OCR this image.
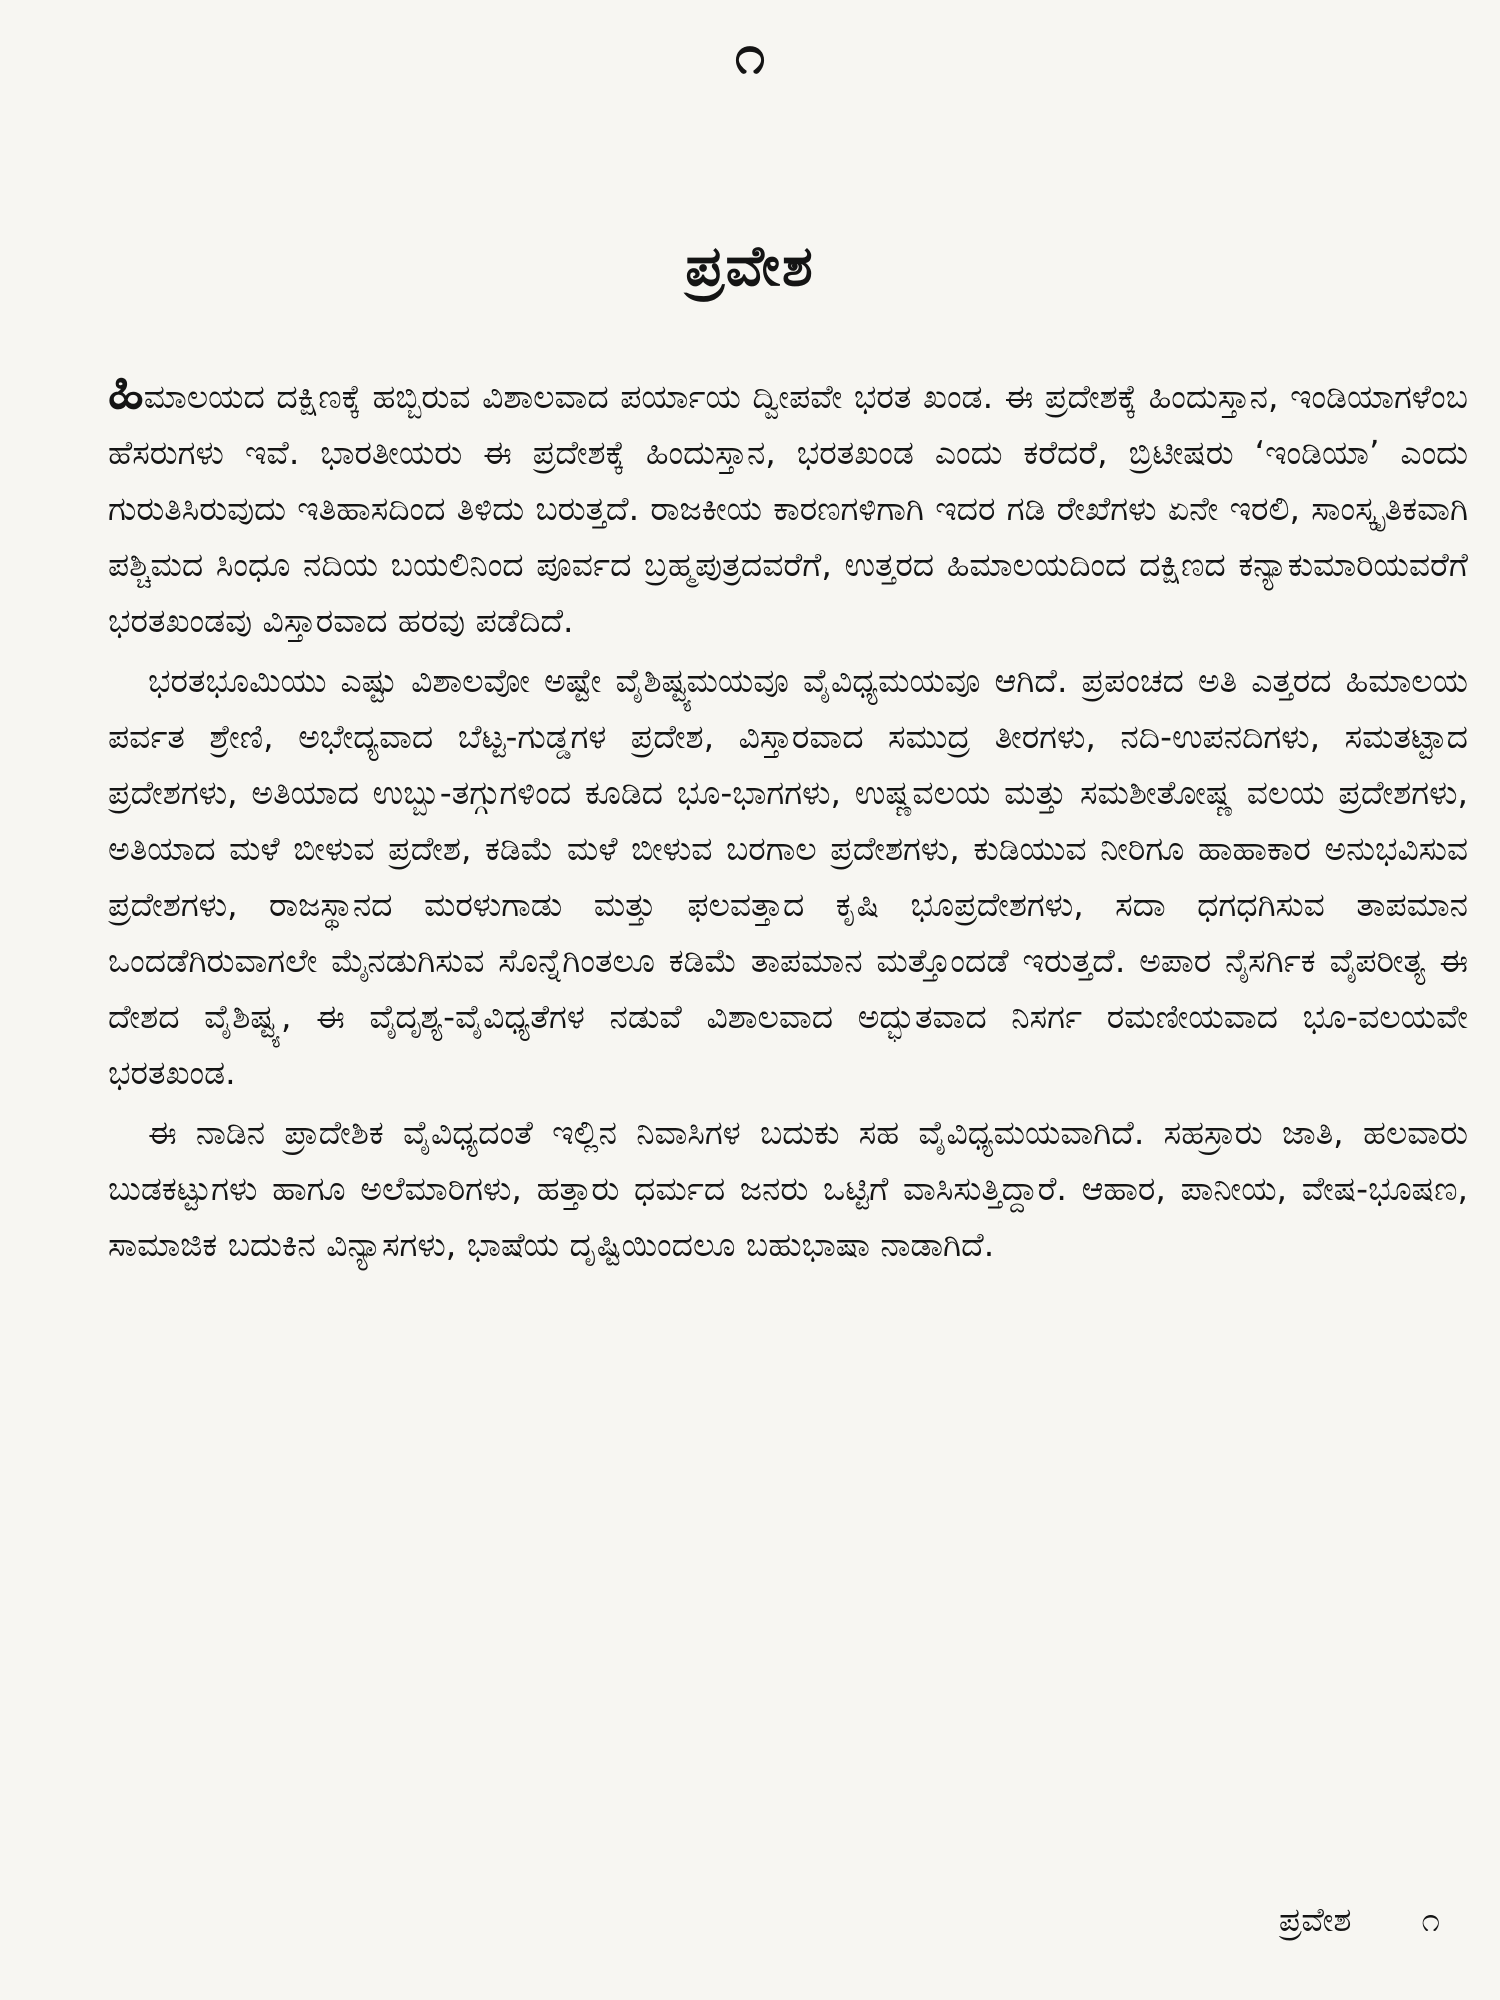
೧
ಪ್ರವೇಶ

ಹಿಮಾಲಯದ ದಕ್ಷಿಣಕ್ಕೆ ಹಬ್ಬಿರುವ ವಿಶಾಲವಾದ ಪರ್ಯಾಯ ದ್ವೀಪವೇ ಭರತ ಖಂಡ. ಈ ಪ್ರದೇಶಕ್ಕೆ ಹಿಂದುಸ್ತಾನ, ಇಂಡಿಯಾಗಳೆಂಬ ಹೆಸರುಗಳು ಇವೆ. ಭಾರತೀಯರು ಈ ಪ್ರದೇಶಕ್ಕೆ ಹಿಂದುಸ್ತಾನ, ಭರತಖಂಡ ಎಂದು ಕರೆದರೆ, ಬ್ರಿಟೀಷರು ‘ಇಂಡಿಯಾ’ ಎಂದು ಗುರುತಿಸಿರುವುದು ಇತಿಹಾಸದಿಂದ ತಿಳಿದು ಬರುತ್ತದೆ. ರಾಜಕೀಯ ಕಾರಣಗಳಿಗಾಗಿ ಇದರ ಗಡಿ ರೇಖೆಗಳು ಏನೇ ಇರಲಿ, ಸಾಂಸ್ಕೃತಿಕವಾಗಿ ಪಶ್ಚಿಮದ ಸಿಂಧೂ ನದಿಯ ಬಯಲಿನಿಂದ ಪೂರ್ವದ ಬ್ರಹ್ಮಪುತ್ರದವರೆಗೆ, ಉತ್ತರದ ಹಿಮಾಲಯದಿಂದ ದಕ್ಷಿಣದ ಕನ್ಯಾಕುಮಾರಿಯವರೆಗೆ ಭರತಖಂಡವು ವಿಸ್ತಾರವಾದ ಹರವು ಪಡೆದಿದೆ.

ಭರತಭೂಮಿಯು ಎಷ್ಟು ವಿಶಾಲವೋ ಅಷ್ಟೇ ವೈಶಿಷ್ಟ್ಯಮಯವೂ ವೈವಿಧ್ಯಮಯವೂ ಆಗಿದೆ. ಪ್ರಪಂಚದ ಅತಿ ಎತ್ತರದ ಹಿಮಾಲಯ ಪರ್ವತ ಶ್ರೇಣಿ, ಅಭೇದ್ಯವಾದ ಬೆಟ್ಟ-ಗುಡ್ಡಗಳ ಪ್ರದೇಶ, ವಿಸ್ತಾರವಾದ ಸಮುದ್ರ ತೀರಗಳು, ನದಿ-ಉಪನದಿಗಳು, ಸಮತಟ್ಟಾದ ಪ್ರದೇಶಗಳು, ಅತಿಯಾದ ಉಬ್ಬು-ತಗ್ಗುಗಳಿಂದ ಕೂಡಿದ ಭೂ-ಭಾಗಗಳು, ಉಷ್ಣವಲಯ ಮತ್ತು ಸಮಶೀತೋಷ್ಣ ವಲಯ ಪ್ರದೇಶಗಳು, ಅತಿಯಾದ ಮಳೆ ಬೀಳುವ ಪ್ರದೇಶ, ಕಡಿಮೆ ಮಳೆ ಬೀಳುವ ಬರಗಾಲ ಪ್ರದೇಶಗಳು, ಕುಡಿಯುವ ನೀರಿಗೂ ಹಾಹಾಕಾರ ಅನುಭವಿಸುವ ಪ್ರದೇಶಗಳು, ರಾಜಸ್ಥಾನದ ಮರಳುಗಾಡು ಮತ್ತು ಫಲವತ್ತಾದ ಕೃಷಿ ಭೂಪ್ರದೇಶಗಳು, ಸದಾ ಧಗಧಗಿಸುವ ತಾಪಮಾನ ಒಂದಡೆಗಿರುವಾಗಲೇ ಮೈನಡುಗಿಸುವ ಸೊನ್ನೆಗಿಂತಲೂ ಕಡಿಮೆ ತಾಪಮಾನ ಮತ್ತೊಂದಡೆ ಇರುತ್ತದೆ. ಅಪಾರ ನೈಸರ್ಗಿಕ ವೈಪರೀತ್ಯ ಈ ದೇಶದ ವೈಶಿಷ್ಟ್ಯ, ಈ ವೈದೃಶ್ಯ-ವೈವಿಧ್ಯತೆಗಳ ನಡುವೆ ವಿಶಾಲವಾದ ಅದ್ಭುತವಾದ ನಿಸರ್ಗ ರಮಣೀಯವಾದ ಭೂ-ವಲಯವೇ ಭರತಖಂಡ.

ಈ ನಾಡಿನ ಪ್ರಾದೇಶಿಕ ವೈವಿಧ್ಯದಂತೆ ಇಲ್ಲಿನ ನಿವಾಸಿಗಳ ಬದುಕು ಸಹ ವೈವಿಧ್ಯಮಯವಾಗಿದೆ. ಸಹಸ್ರಾರು ಜಾತಿ, ಹಲವಾರು ಬುಡಕಟ್ಟುಗಳು ಹಾಗೂ ಅಲೆಮಾರಿಗಳು, ಹತ್ತಾರು ಧರ್ಮದ ಜನರು ಒಟ್ಟಿಗೆ ವಾಸಿಸುತ್ತಿದ್ದಾರೆ. ಆಹಾರ, ಪಾನೀಯ, ವೇಷ-ಭೂಷಣ, ಸಾಮಾಜಿಕ ಬದುಕಿನ ವಿನ್ಯಾಸಗಳು, ಭಾಷೆಯ ದೃಷ್ಟಿಯಿಂದಲೂ ಬಹುಭಾಷಾ ನಾಡಾಗಿದೆ.

ಪ್ರವೇಶ ೧
